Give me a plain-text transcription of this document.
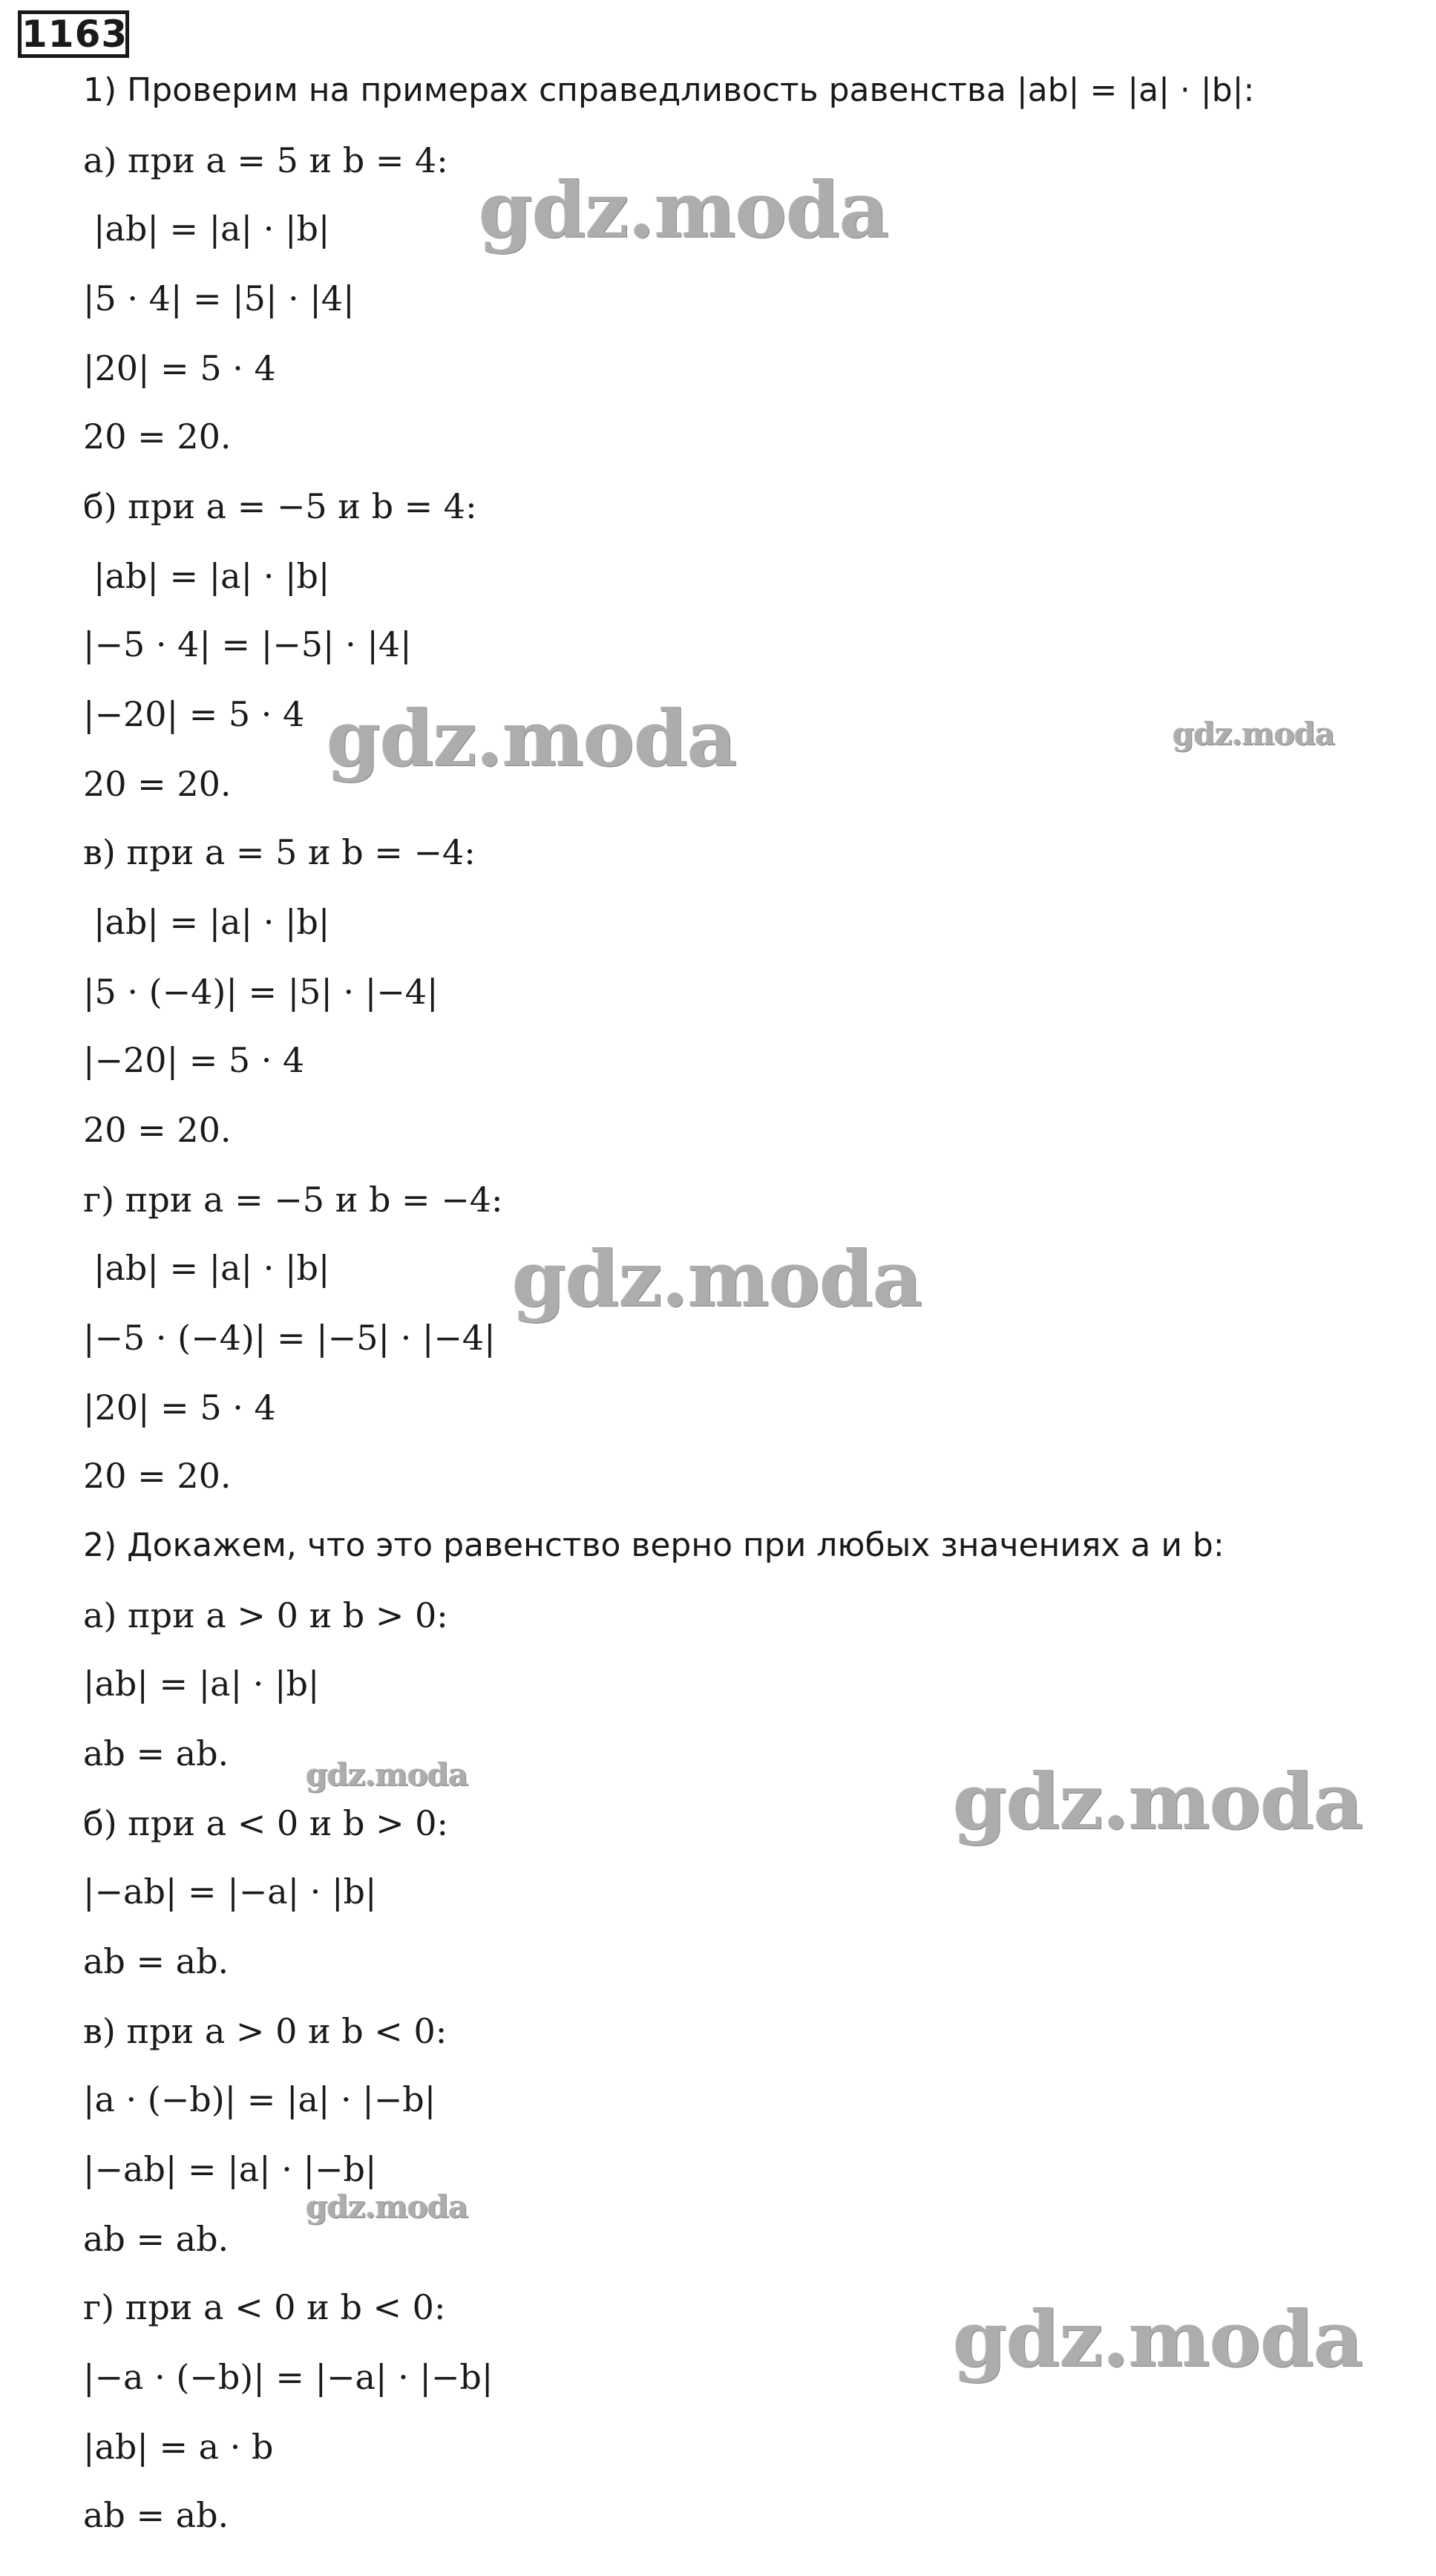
1163
1) Проверим на примерах справедливость равенства |ab| = |a| · |b|:
а) при a = 5 и b = 4:
|ab| = |a| · |b|
|5 · 4| = |5| · |4|
|20| = 5 · 4
20 = 20.
б) при a = −5 и b = 4:
|ab| = |a| · |b|
|−5 · 4| = |−5| · |4|
|−20| = 5 · 4
20 = 20.
в) при a = 5 и b = −4:
|ab| = |a| · |b|
|5 · (−4)| = |5| · |−4|
|−20| = 5 · 4
20 = 20.
г) при a = −5 и b = −4:
|ab| = |a| · |b|
|−5 · (−4)| = |−5| · |−4|
|20| = 5 · 4
20 = 20.
2) Докажем, что это равенство верно при любых значениях a и b:
а) при a > 0 и b > 0:
|ab| = |a| · |b|
ab = ab.
б) при a < 0 и b > 0:
|−ab| = |−a| · |b|
ab = ab.
в) при a > 0 и b < 0:
|a · (−b)| = |a| · |−b|
|−ab| = |a| · |−b|
ab = ab.
г) при a < 0 и b < 0:
|−a · (−b)| = |−a| · |−b|
|ab| = a · b
ab = ab.
gdz.moda
gdz.moda	gdz.moda
gdz.moda
gdz.moda	gdz.moda
gdz.moda
gdz.moda
